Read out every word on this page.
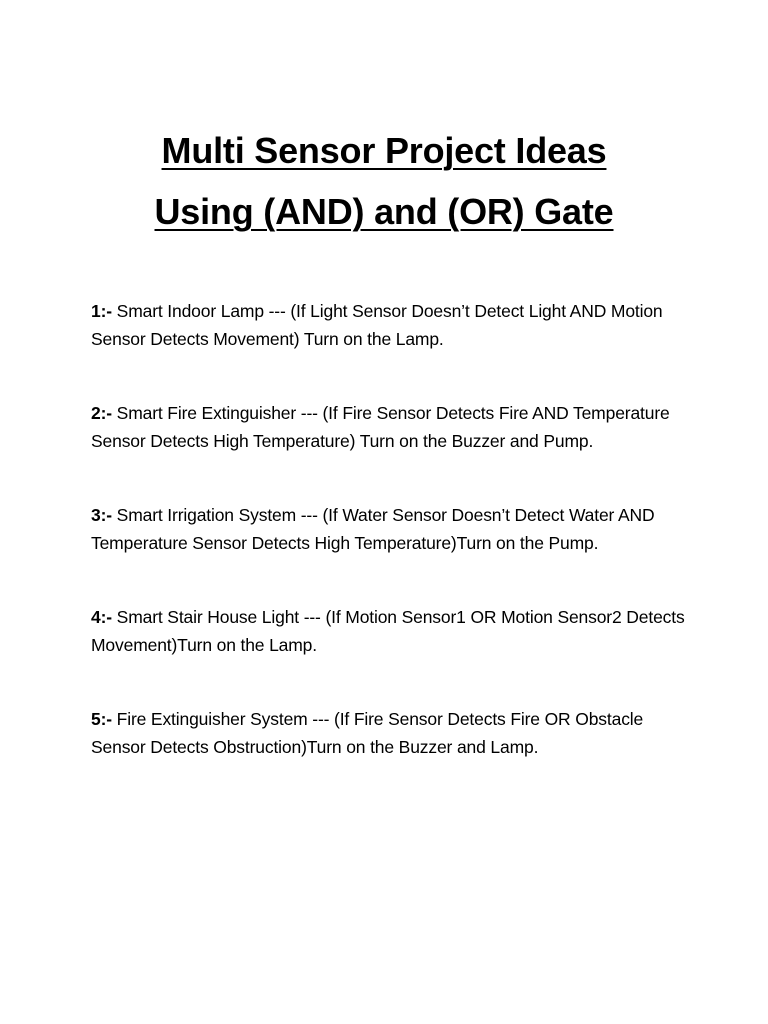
Multi Sensor Project Ideas
Using (AND) and (OR) Gate

1:- Smart Indoor Lamp --- (If Light Sensor Doesn’t Detect Light AND Motion Sensor Detects Movement) Turn on the Lamp.

2:- Smart Fire Extinguisher --- (If Fire Sensor Detects Fire AND Temperature Sensor Detects High Temperature) Turn on the Buzzer and Pump.

3:- Smart Irrigation System --- (If Water Sensor Doesn’t Detect Water AND Temperature Sensor Detects High Temperature)Turn on the Pump.

4:- Smart Stair House Light --- (If Motion Sensor1 OR Motion Sensor2 Detects Movement)Turn on the Lamp.

5:- Fire Extinguisher System --- (If Fire Sensor Detects Fire OR Obstacle Sensor Detects Obstruction)Turn on the Buzzer and Lamp.
